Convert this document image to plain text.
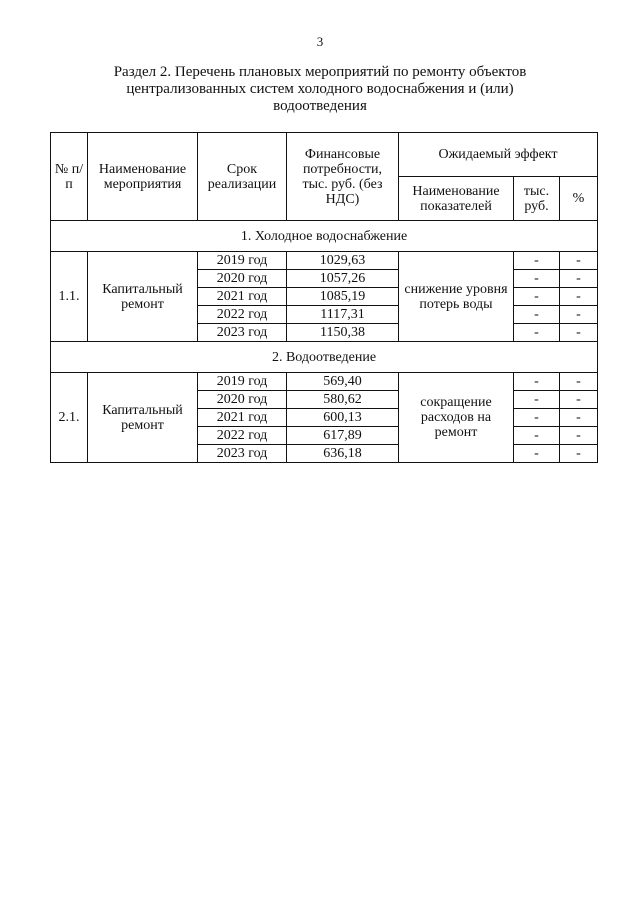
3
Раздел 2. Перечень плановых мероприятий по ремонту объектов
централизованных систем холодного водоснабжения и (или)
водоотведения
№ п/п	Наименование мероприятия	Срок реализации	Финансовые потребности, тыс. руб. (без НДС)	Ожидаемый эффект		
				Наименование показателей	тыс. руб.	%
1. Холодное водоснабжение						
1.1.	Капитальный ремонт	2019 год	1029,63	снижение уровня потерь воды	-	-
		2020 год	1057,26		-	-
		2021 год	1085,19		-	-
		2022 год	1117,31		-	-
		2023 год	1150,38		-	-
2. Водоотведение						
2.1.	Капитальный ремонт	2019 год	569,40	сокращение расходов на ремонт	-	-
		2020 год	580,62		-	-
		2021 год	600,13		-	-
		2022 год	617,89		-	-
		2023 год	636,18		-	-
